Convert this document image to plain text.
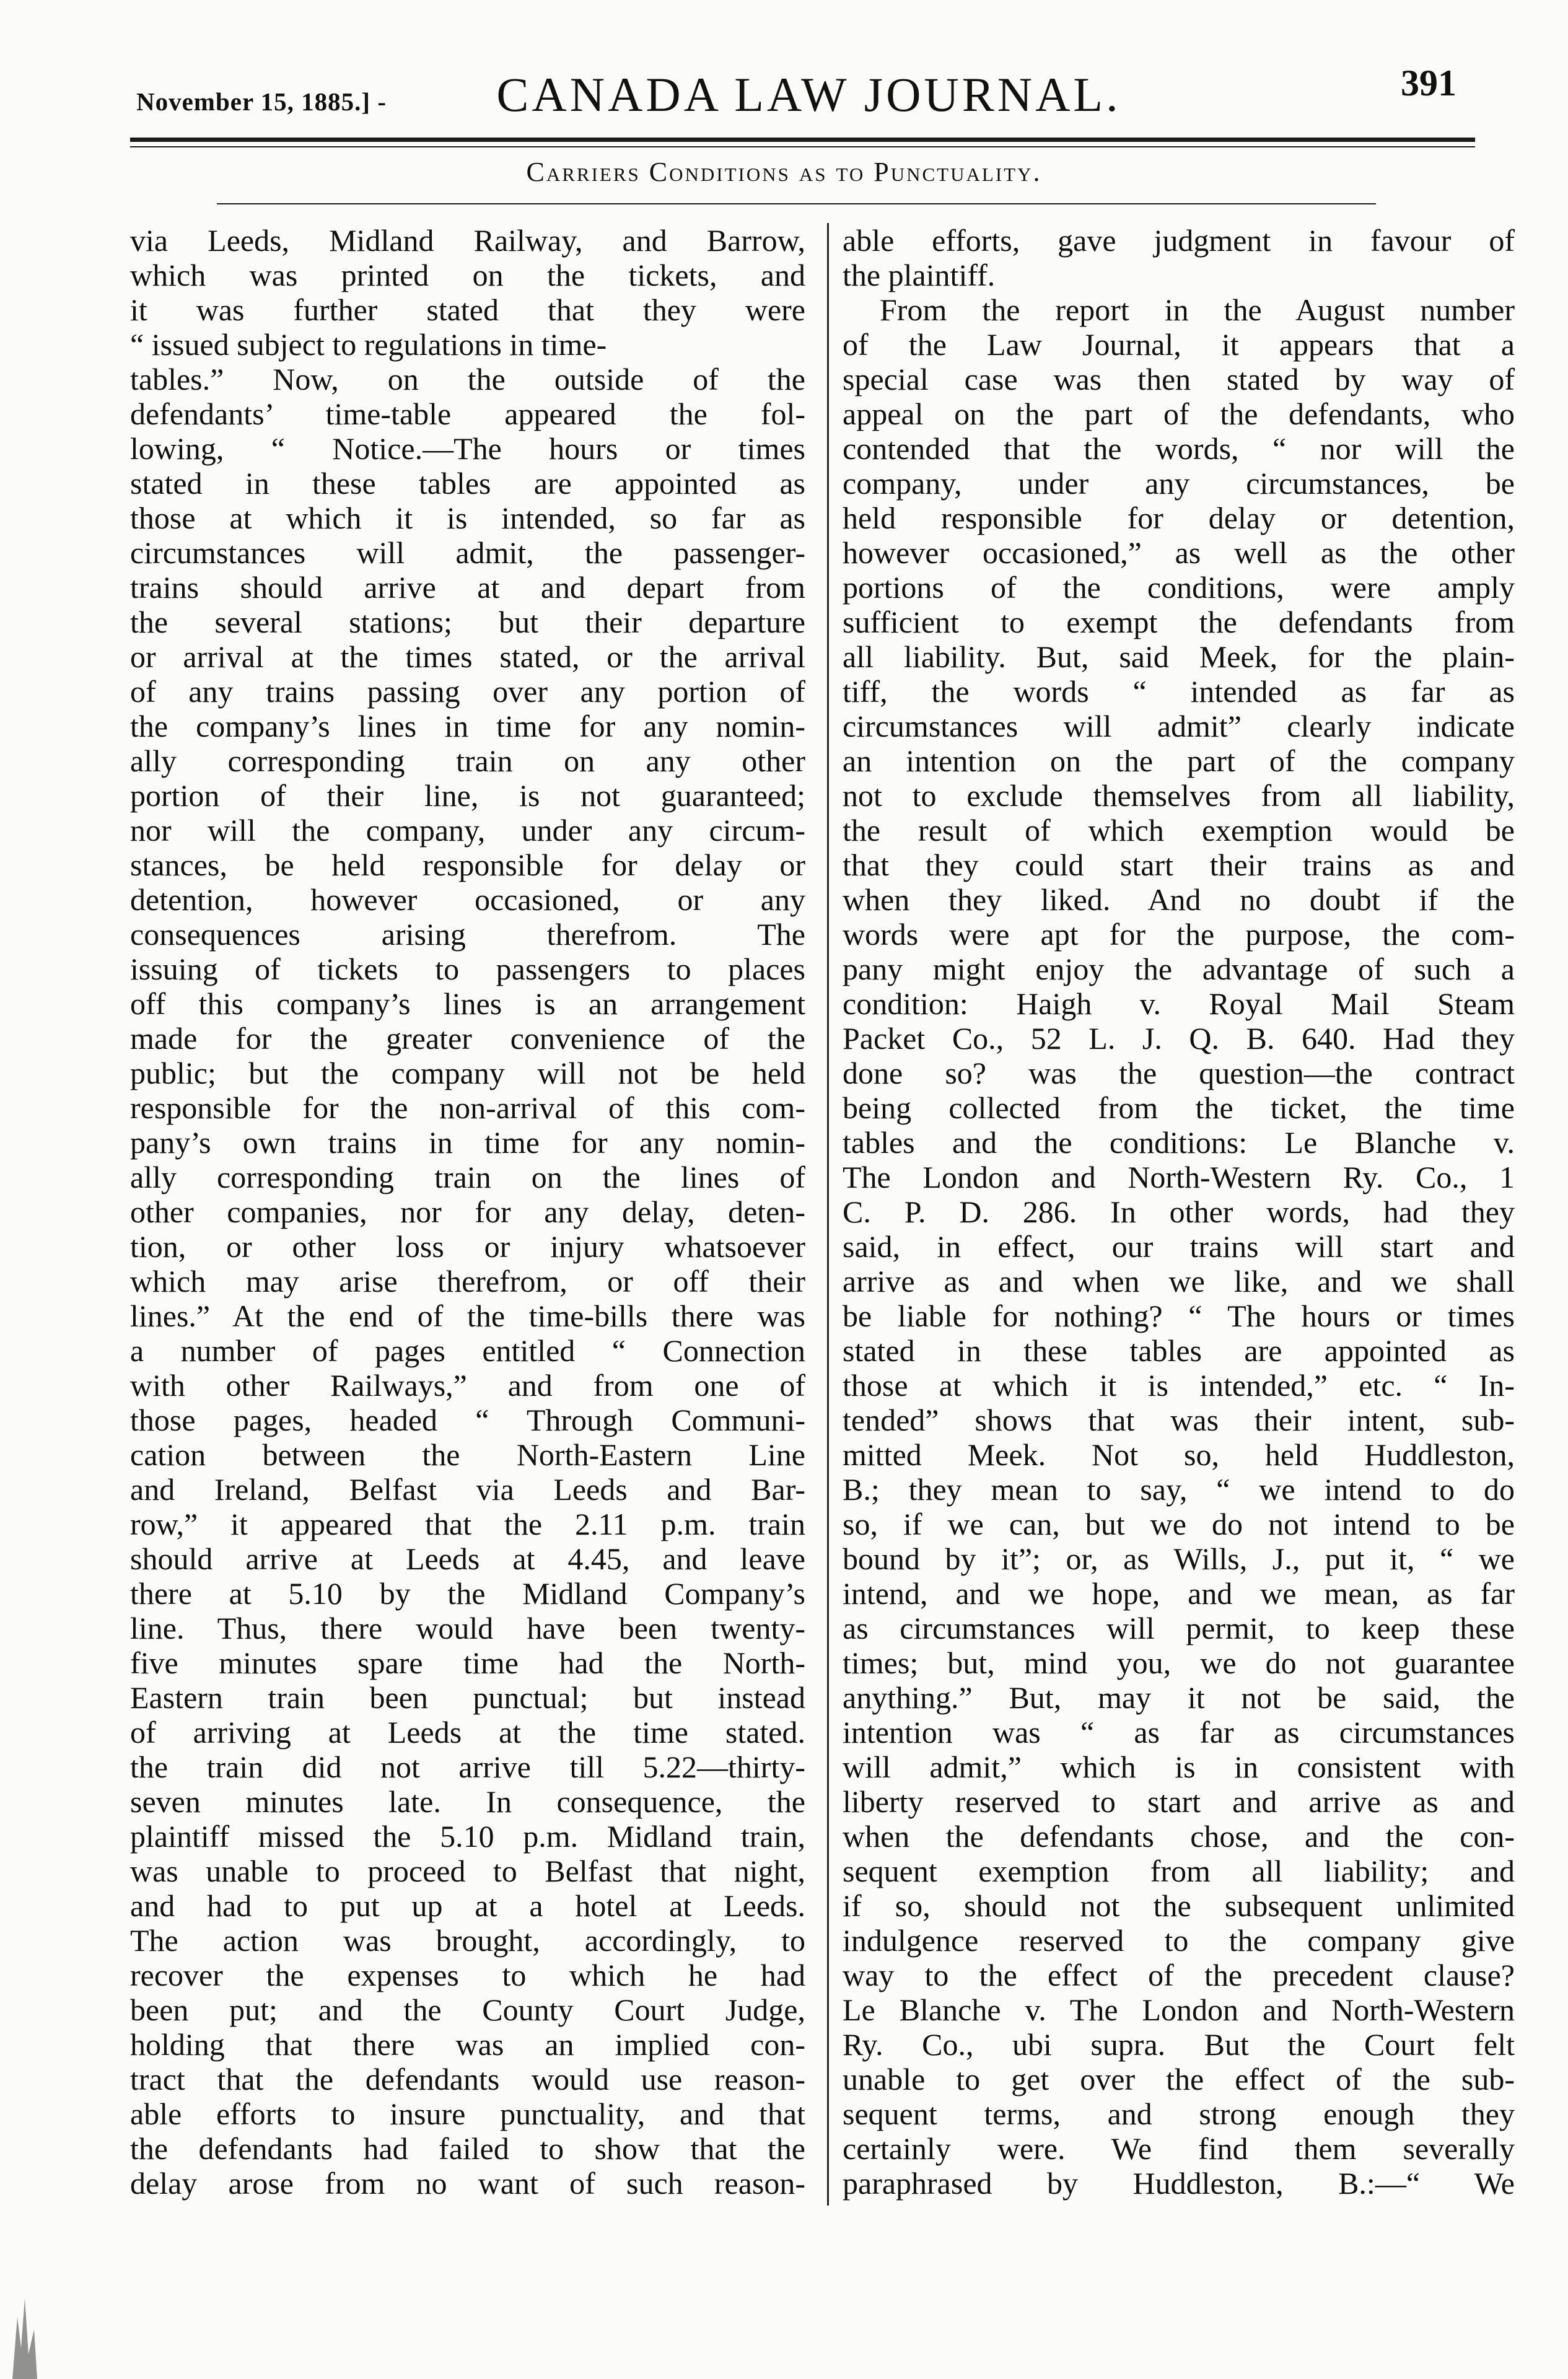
November 15, 1885.] -	CANADA LAW JOURNAL.	391
Carriers Conditions as to Punctuality.
via Leeds, Midland Railway, and Barrow,
which was printed on the tickets, and
it was further stated that they were
“ issued subject to regulations in time-
tables.” Now, on the outside of the
defendants’ time-table appeared the fol-
lowing, “ Notice.—The hours or times
stated in these tables are appointed as
those at which it is intended, so far as
circumstances will admit, the passenger-
trains should arrive at and depart from
the several stations; but their departure
or arrival at the times stated, or the arrival
of any trains passing over any portion of
the company’s lines in time for any nomin-
ally corresponding train on any other
portion of their line, is not guaranteed;
nor will the company, under any circum-
stances, be held responsible for delay or
detention, however occasioned, or any
consequences arising therefrom. The
issuing of tickets to passengers to places
off this company’s lines is an arrangement
made for the greater convenience of the
public; but the company will not be held
responsible for the non-arrival of this com-
pany’s own trains in time for any nomin-
ally corresponding train on the lines of
other companies, nor for any delay, deten-
tion, or other loss or injury whatsoever
which may arise therefrom, or off their
lines.” At the end of the time-bills there was
a number of pages entitled “ Connection
with other Railways,” and from one of
those pages, headed “ Through Communi-
cation between the North-Eastern Line
and Ireland, Belfast via Leeds and Bar-
row,” it appeared that the 2.11 p.m. train
should arrive at Leeds at 4.45, and leave
there at 5.10 by the Midland Company’s
line. Thus, there would have been twenty-
five minutes spare time had the North-
Eastern train been punctual; but instead
of arriving at Leeds at the time stated.
the train did not arrive till 5.22—thirty-
seven minutes late. In consequence, the
plaintiff missed the 5.10 p.m. Midland train,
was unable to proceed to Belfast that night,
and had to put up at a hotel at Leeds.
The action was brought, accordingly, to
recover the expenses to which he had
been put; and the County Court Judge,
holding that there was an implied con-
tract that the defendants would use reason-
able efforts to insure punctuality, and that
the defendants had failed to show that the
delay arose from no want of such reason-
able efforts, gave judgment in favour of
the plaintiff.
From the report in the August number
of the Law Journal, it appears that a
special case was then stated by way of
appeal on the part of the defendants, who
contended that the words, “ nor will the
company, under any circumstances, be
held responsible for delay or detention,
however occasioned,” as well as the other
portions of the conditions, were amply
sufficient to exempt the defendants from
all liability. But, said Meek, for the plain-
tiff, the words “ intended as far as
circumstances will admit” clearly indicate
an intention on the part of the company
not to exclude themselves from all liability,
the result of which exemption would be
that they could start their trains as and
when they liked. And no doubt if the
words were apt for the purpose, the com-
pany might enjoy the advantage of such a
condition: Haigh v. Royal Mail Steam
Packet Co., 52 L. J. Q. B. 640. Had they
done so? was the question—the contract
being collected from the ticket, the time
tables and the conditions: Le Blanche v.
The London and North-Western Ry. Co., 1
C. P. D. 286. In other words, had they
said, in effect, our trains will start and
arrive as and when we like, and we shall
be liable for nothing? “ The hours or times
stated in these tables are appointed as
those at which it is intended,” etc. “ In-
tended” shows that was their intent, sub-
mitted Meek. Not so, held Huddleston,
B.; they mean to say, “ we intend to do
so, if we can, but we do not intend to be
bound by it”; or, as Wills, J., put it, “ we
intend, and we hope, and we mean, as far
as circumstances will permit, to keep these
times; but, mind you, we do not guarantee
anything.” But, may it not be said, the
intention was “ as far as circumstances
will admit,” which is in consistent with
liberty reserved to start and arrive as and
when the defendants chose, and the con-
sequent exemption from all liability; and
if so, should not the subsequent unlimited
indulgence reserved to the company give
way to the effect of the precedent clause?
Le Blanche v. The London and North-Western
Ry. Co., ubi supra. But the Court felt
unable to get over the effect of the sub-
sequent terms, and strong enough they
certainly were. We find them severally
paraphrased by Huddleston, B.:—“ We
